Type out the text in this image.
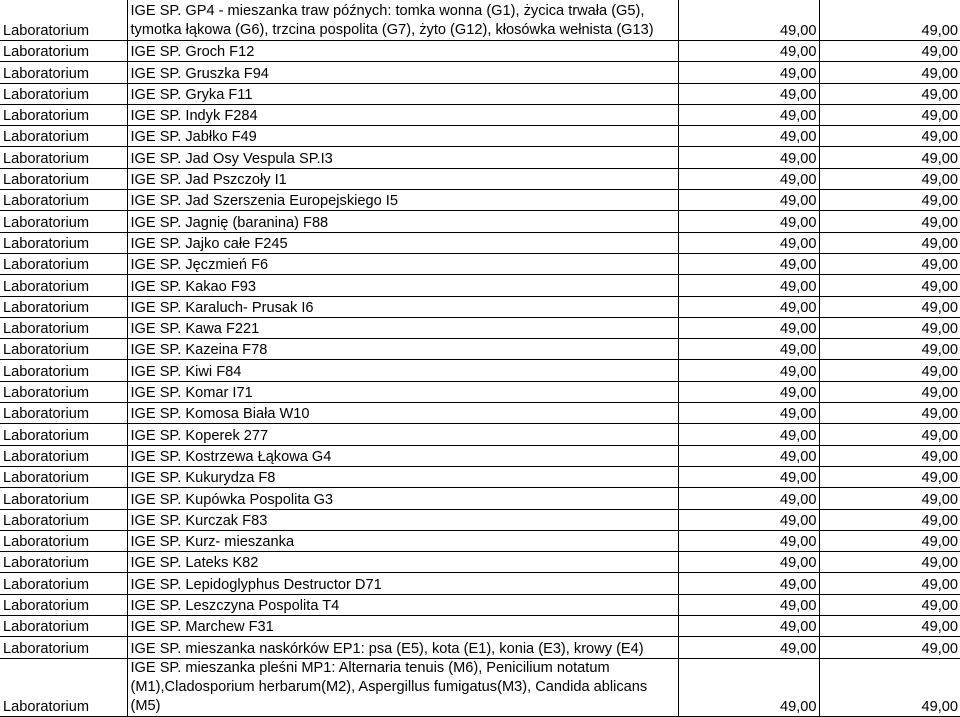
Laboratorium	IGE SP. GP4 - mieszanka traw późnych: tomka wonna (G1), życica trwała (G5), tymotka łąkowa (G6), trzcina pospolita (G7), żyto (G12), kłosówka wełnista (G13)	49,00	49,00
Laboratorium	IGE SP. Groch F12	49,00	49,00
Laboratorium	IGE SP. Gruszka F94	49,00	49,00
Laboratorium	IGE SP. Gryka F11	49,00	49,00
Laboratorium	IGE SP. Indyk F284	49,00	49,00
Laboratorium	IGE SP. Jabłko F49	49,00	49,00
Laboratorium	IGE SP. Jad Osy Vespula SP.I3	49,00	49,00
Laboratorium	IGE SP. Jad Pszczoły I1	49,00	49,00
Laboratorium	IGE SP. Jad Szerszenia Europejskiego I5	49,00	49,00
Laboratorium	IGE SP. Jagnię (baranina) F88	49,00	49,00
Laboratorium	IGE SP. Jajko całe F245	49,00	49,00
Laboratorium	IGE SP. Jęczmień F6	49,00	49,00
Laboratorium	IGE SP. Kakao F93	49,00	49,00
Laboratorium	IGE SP. Karaluch- Prusak I6	49,00	49,00
Laboratorium	IGE SP. Kawa F221	49,00	49,00
Laboratorium	IGE SP. Kazeina F78	49,00	49,00
Laboratorium	IGE SP. Kiwi F84	49,00	49,00
Laboratorium	IGE SP. Komar I71	49,00	49,00
Laboratorium	IGE SP. Komosa Biała W10	49,00	49,00
Laboratorium	IGE SP. Koperek 277	49,00	49,00
Laboratorium	IGE SP. Kostrzewa Łąkowa G4	49,00	49,00
Laboratorium	IGE SP. Kukurydza F8	49,00	49,00
Laboratorium	IGE SP. Kupówka Pospolita G3	49,00	49,00
Laboratorium	IGE SP. Kurczak F83	49,00	49,00
Laboratorium	IGE SP. Kurz- mieszanka	49,00	49,00
Laboratorium	IGE SP. Lateks K82	49,00	49,00
Laboratorium	IGE SP. Lepidoglyphus Destructor D71	49,00	49,00
Laboratorium	IGE SP. Leszczyna Pospolita T4	49,00	49,00
Laboratorium	IGE SP. Marchew F31	49,00	49,00
Laboratorium	IGE SP. mieszanka naskórków EP1: psa (E5), kota (E1), konia (E3), krowy (E4)	49,00	49,00
Laboratorium	IGE SP. mieszanka pleśni MP1: Alternaria tenuis (M6), Penicilium notatum (M1),Cladosporium herbarum(M2), Aspergillus fumigatus(M3), Candida ablicans (M5)	49,00	49,00
